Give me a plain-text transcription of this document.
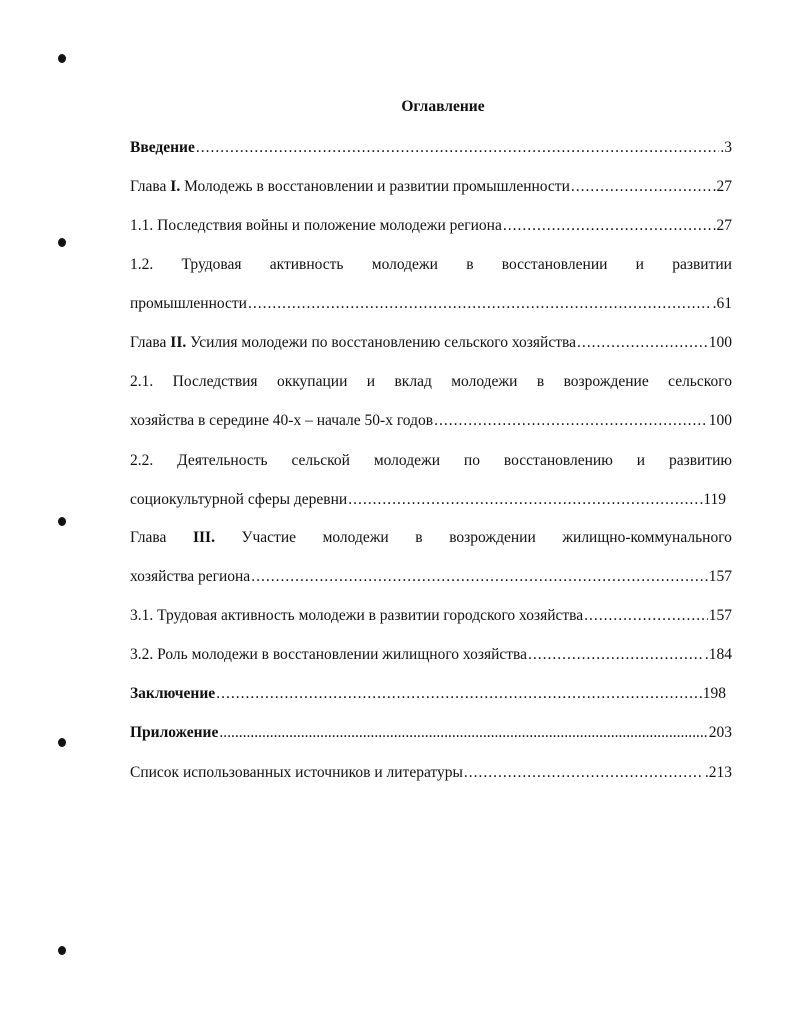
Оглавление
Введение .....	.3
Глава I. Молодежь в восстановлении и развитии промышленности .....	.27
1.1. Последствия войны и положение молодежи региона .....	.27
1.2. Трудовая активность молодежи в восстановлении и развитии
промышленности .....	.61
Глава II. Усилия молодежи по восстановлению сельского хозяйства .....	100
2.1. Последствия оккупации и вклад молодежи в возрождение сельского
хозяйства в середине 40-х – начале 50-х годов .....	100
2.2. Деятельность сельской молодежи по восстановлению и развитию
социокультурной сферы деревни .....	.119
Глава III. Участие молодежи в возрождении жилищно-коммунального
хозяйства региона .....	157
3.1. Трудовая активность молодежи в развитии городского хозяйства .....	157
3.2. Роль молодежи в восстановлении жилищного хозяйства .....	.184
Заключение .....	198
Приложение .....	203
Список использованных источников и литературы .....	.213
